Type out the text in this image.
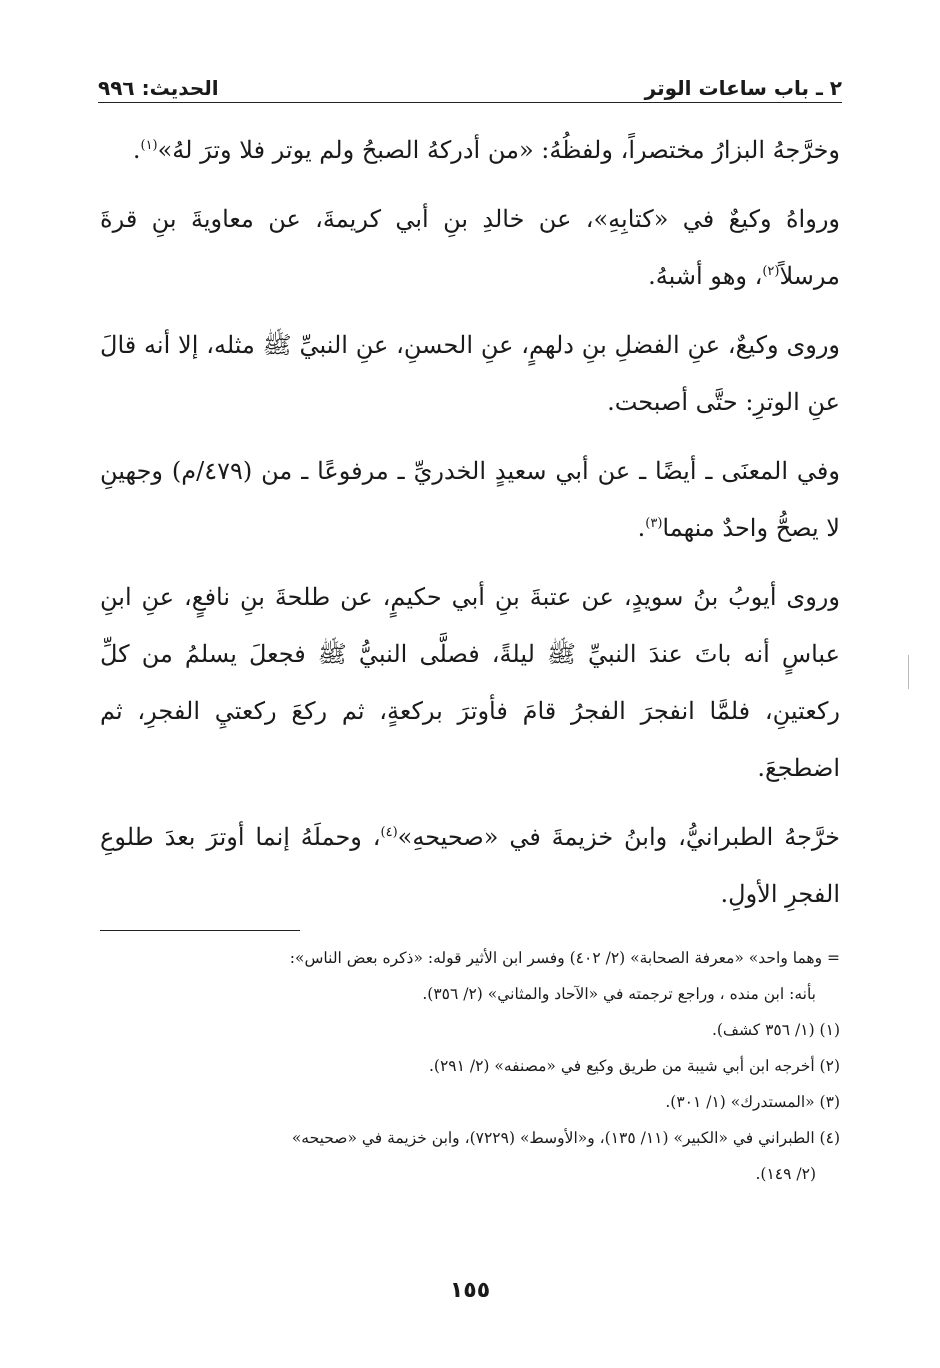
٢ ـ باب ساعات الوتر
الحديث: ٩٩٦

وخرَّجهُ البزارُ مختصراً، ولفظُهُ: «من أدركهُ الصبحُ ولم يوتر فلا وترَ لهُ»$^{(١)}$.

ورواهُ وكيعٌ في «كتابِهِ»، عن خالدِ بنِ أبي كريمةَ، عن معاويةَ بنِ قرةَ مرسلاً$^{(٢)}$، وهو أشبهُ.

وروى وكيعٌ، عنِ الفضلِ بنِ دلهمٍ، عنِ الحسنِ، عنِ النبيِّ ﷺ مثله، إلا أنه قالَ عنِ الوترِ: حتَّى أصبحت.

وفي المعنَى ـ أيضًا ـ عن أبي سعيدٍ الخدريِّ ـ مرفوعًا ـ من (٤٧٩/م) وجهينِ لا يصحُّ واحدٌ منهما$^{(٣)}$.

وروى أيوبُ بنُ سويدٍ، عن عتبةَ بنِ أبي حكيمٍ، عن طلحةَ بنِ نافعٍ، عنِ ابنِ عباسٍ أنه باتَ عندَ النبيِّ ﷺ ليلةً، فصلَّى النبيُّ ﷺ فجعلَ يسلمُ من كلِّ ركعتينِ، فلمَّا انفجرَ الفجرُ قامَ فأوترَ بركعةٍ، ثم ركعَ ركعتيِ الفجرِ، ثم اضطجعَ.

خرَّجهُ الطبرانيُّ، وابنُ خزيمةَ في «صحيحهِ»$^{(٤)}$، وحملَهُ إنما أوترَ بعدَ طلوعِ الفجرِ الأولِ.

= وهما واحد» «معرفة الصحابة» (٢/ ٤٠٢) وفسر ابن الأثير قوله: «ذكره بعض الناس»:

بأنه: ابن منده ، وراجع ترجمته في «الآحاد والمثاني» (٢/ ٣٥٦).

(١) (١/ ٣٥٦ كشف).

(٢) أخرجه ابن أبي شيبة من طريق وكيع في «مصنفه» (٢/ ٢٩١).

(٣) «المستدرك» (١/ ٣٠١).

(٤) الطبراني في «الكبير» (١١/ ١٣٥)، و«الأوسط» (٧٢٢٩)، وابن خزيمة في «صحيحه»

(٢/ ١٤٩).

١٥٥
